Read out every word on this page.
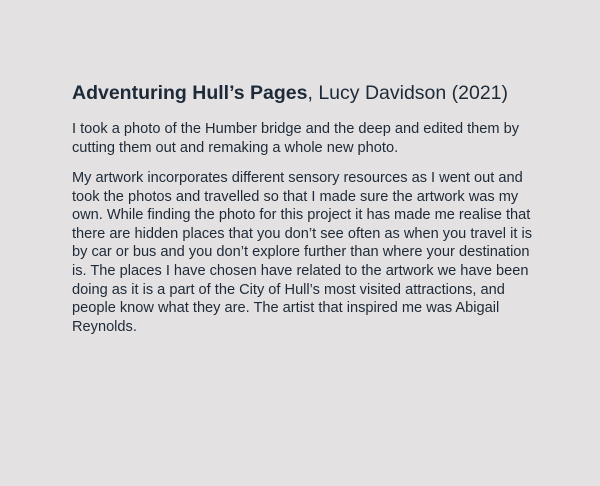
Adventuring Hull’s Pages, Lucy Davidson (2021)

I took a photo of the Humber bridge and the deep and edited them by cutting them out and remaking a whole new photo.

My artwork incorporates different sensory resources as I went out and took the photos and travelled so that I made sure the artwork was my own. While finding the photo for this project it has made me realise that there are hidden places that you don’t see often as when you travel it is by car or bus and you don’t explore further than where your destination is. The places I have chosen have related to the artwork we have been doing as it is a part of the City of Hull’s most visited attractions, and people know what they are. The artist that inspired me was Abigail Reynolds.
